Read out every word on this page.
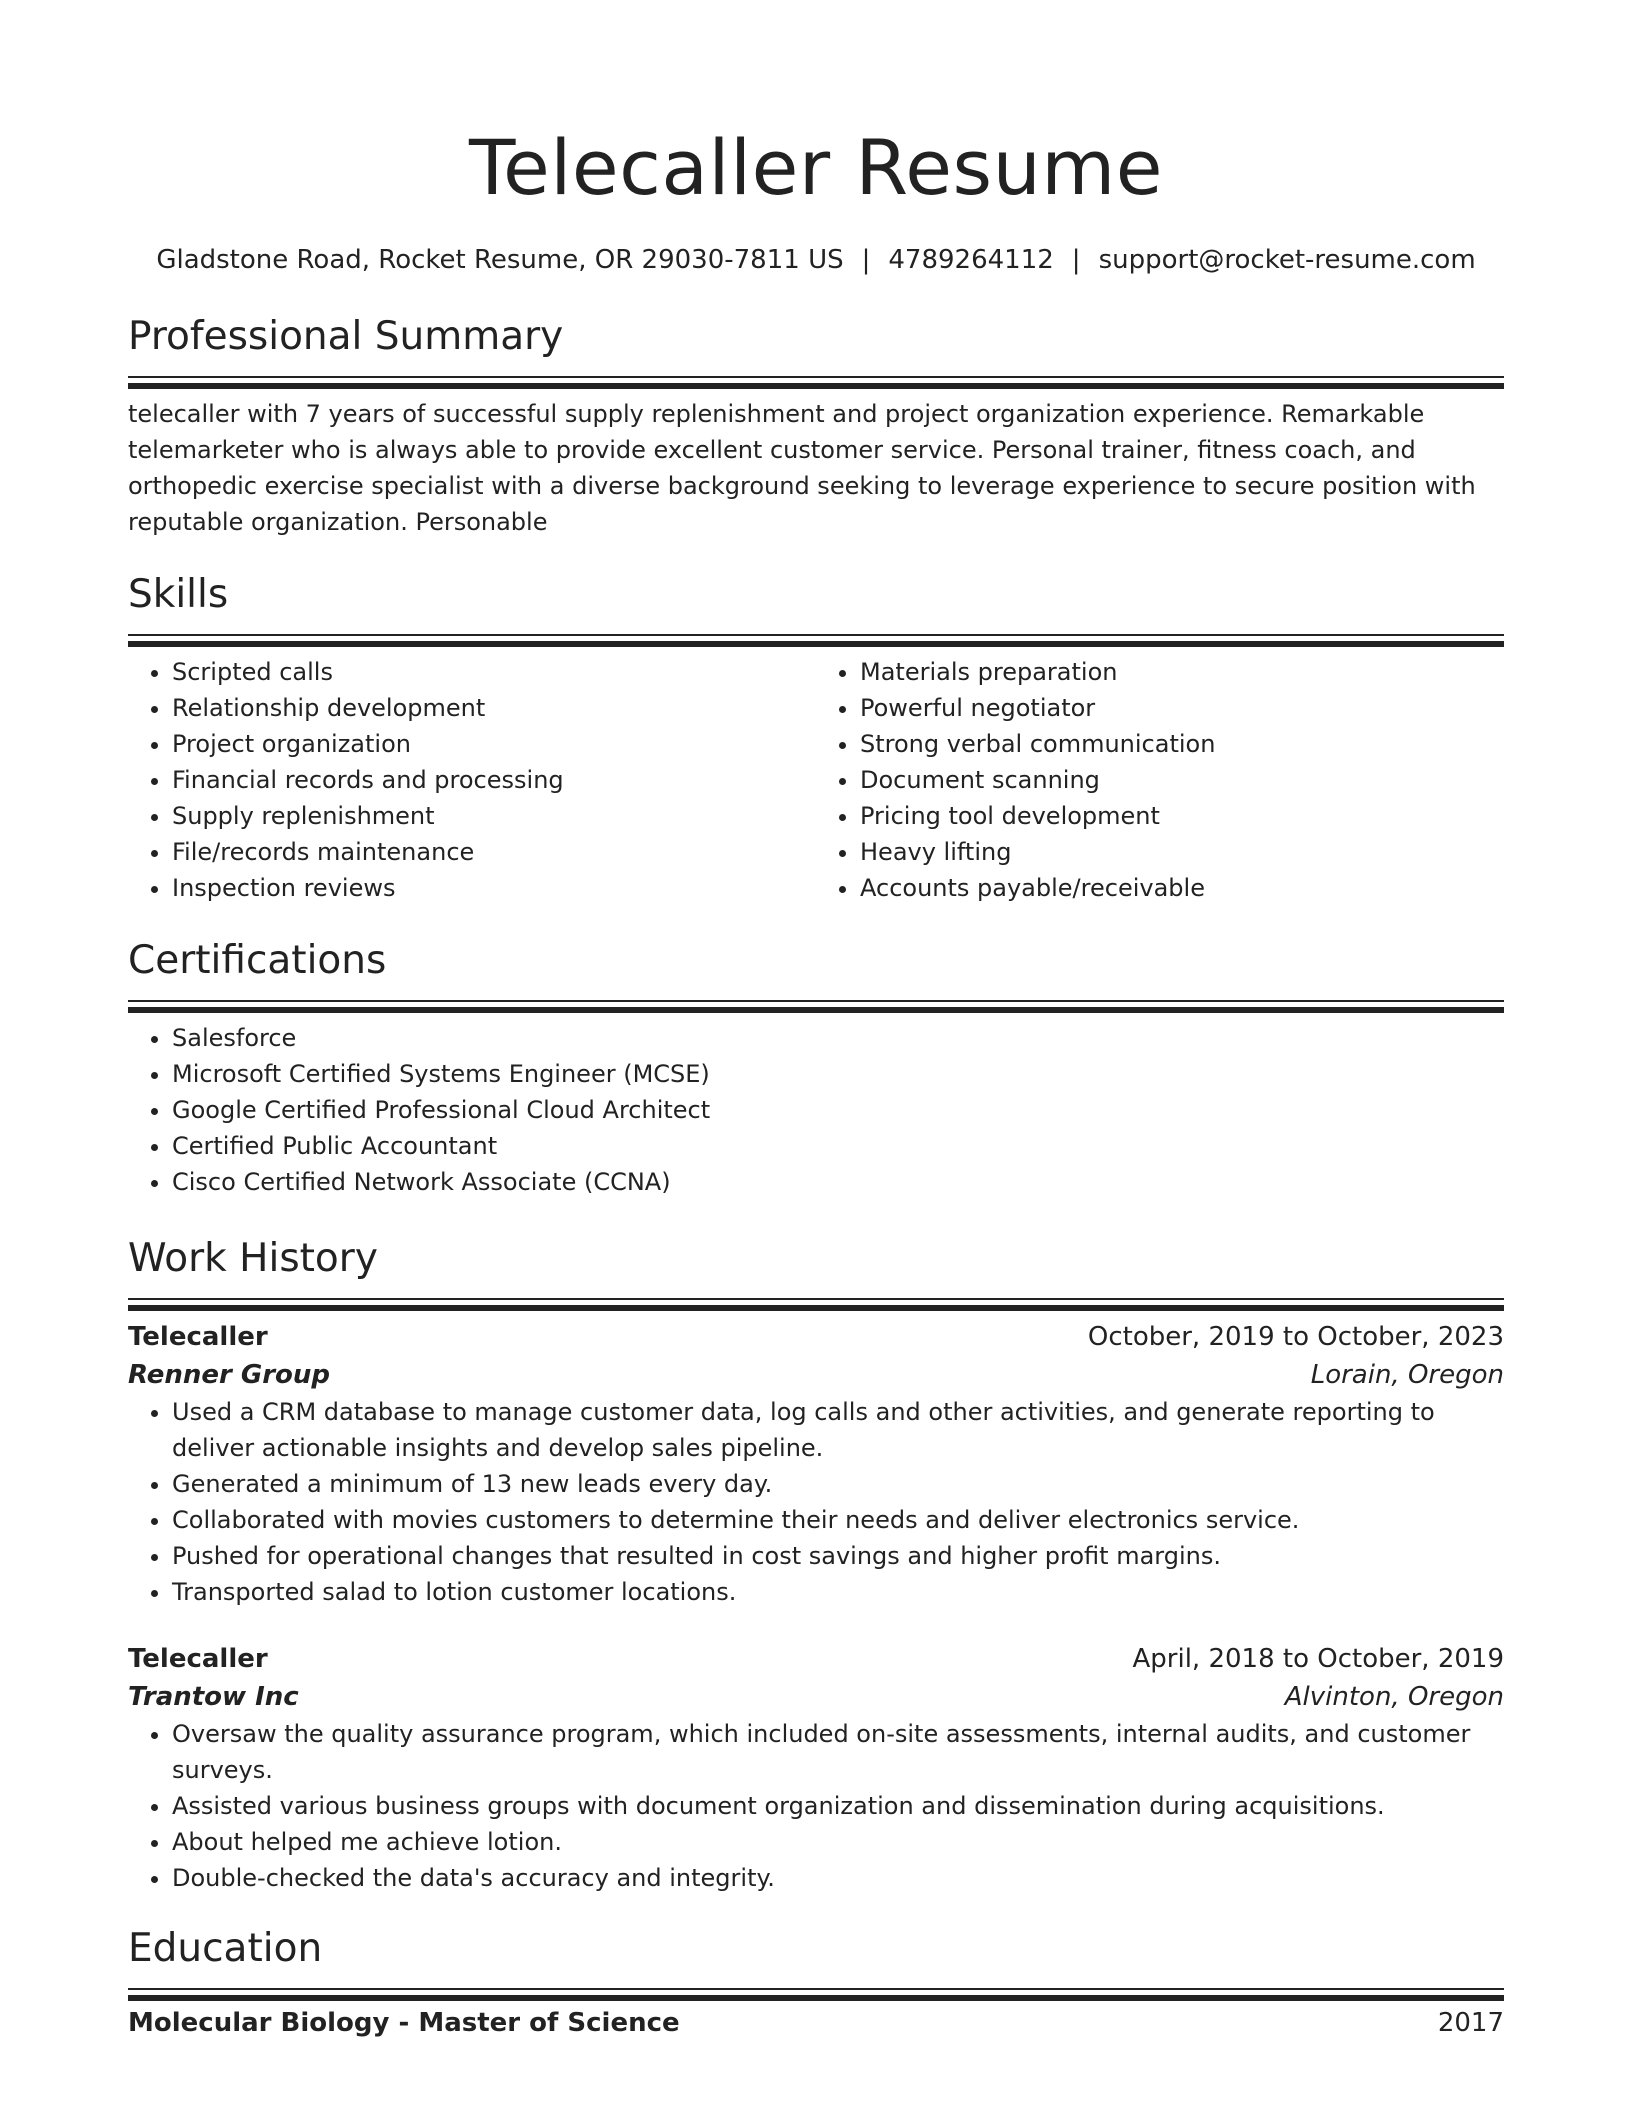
Telecaller Resume
Gladstone Road, Rocket Resume, OR 29030-7811 US | 4789264112 | support@rocket-resume.com
Professional Summary

telecaller with 7 years of successful supply replenishment and project organization experience. Remarkable telemarketer who is always able to provide excellent customer service. Personal trainer, fitness coach, and orthopedic exercise specialist with a diverse background seeking to leverage experience to secure position with reputable organization. Personable

Skills
• Scripted calls
• Relationship development
• Project organization
• Financial records and processing
• Supply replenishment
• File/records maintenance
• Inspection reviews
• Materials preparation
• Powerful negotiator
• Strong verbal communication
• Document scanning
• Pricing tool development
• Heavy lifting
• Accounts payable/receivable
Certifications
• Salesforce
• Microsoft Certified Systems Engineer (MCSE)
• Google Certified Professional Cloud Architect
• Certified Public Accountant
• Cisco Certified Network Associate (CCNA)
Work History
Telecaller	October, 2019 to October, 2023
Renner Group	Lorain, Oregon
• Used a CRM database to manage customer data, log calls and other activities, and generate reporting to deliver actionable insights and develop sales pipeline.
• Generated a minimum of 13 new leads every day.
• Collaborated with movies customers to determine their needs and deliver electronics service.
• Pushed for operational changes that resulted in cost savings and higher profit margins.
• Transported salad to lotion customer locations.
Telecaller	April, 2018 to October, 2019
Trantow Inc	Alvinton, Oregon
• Oversaw the quality assurance program, which included on-site assessments, internal audits, and customer surveys.
• Assisted various business groups with document organization and dissemination during acquisitions.
• About helped me achieve lotion.
• Double-checked the data's accuracy and integrity.
Education
Molecular Biology - Master of Science	2017
